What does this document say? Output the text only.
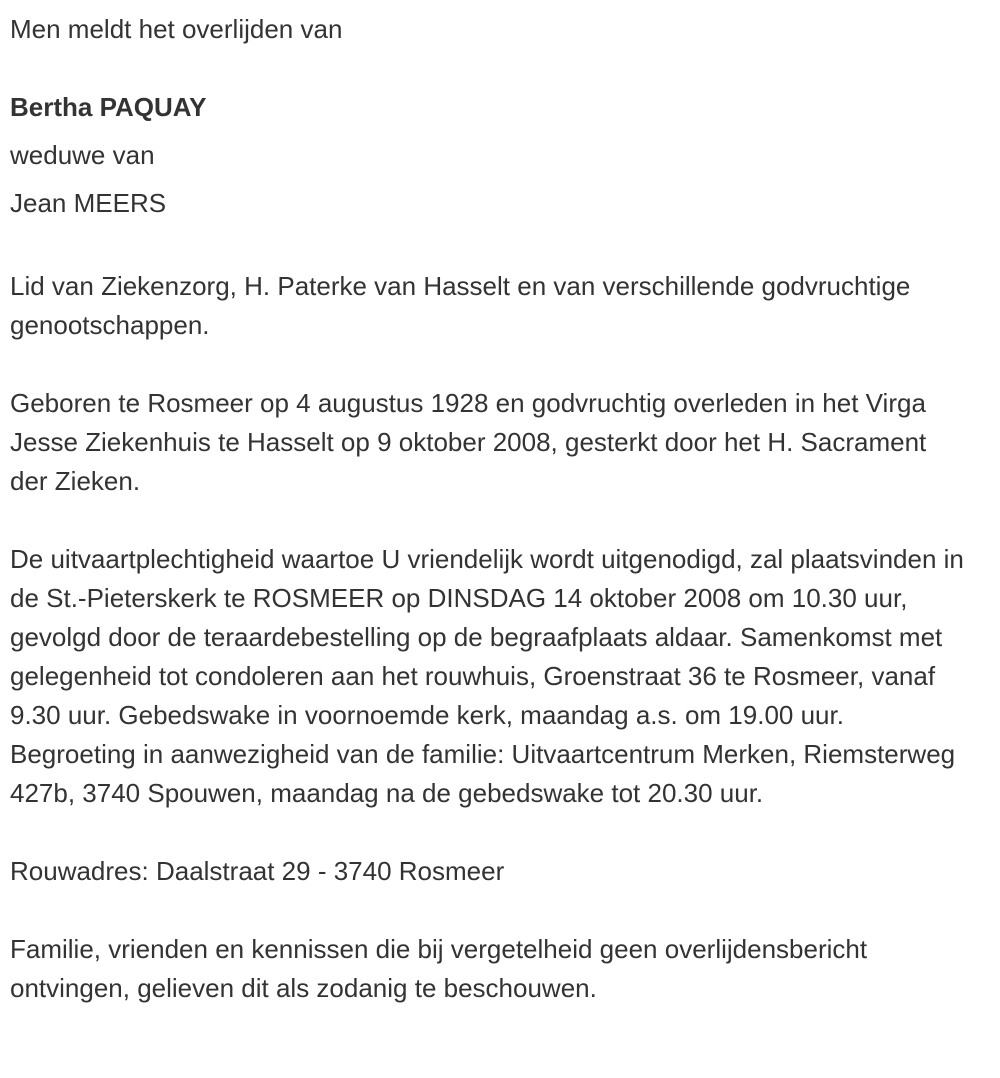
Men meldt het overlijden van

Bertha PAQUAY

weduwe van

Jean MEERS

Lid van Ziekenzorg, H. Paterke van Hasselt en van verschillende godvruchtige genootschappen.

Geboren te Rosmeer op 4 augustus 1928 en godvruchtig overleden in het Virga Jesse Ziekenhuis te Hasselt op 9 oktober 2008, gesterkt door het H. Sacrament der Zieken.

De uitvaartplechtigheid waartoe U vriendelijk wordt uitgenodigd, zal plaatsvinden in de St.-Pieterskerk te ROSMEER op DINSDAG 14 oktober 2008 om 10.30 uur, gevolgd door de teraardebestelling op de begraafplaats aldaar. Samenkomst met gelegenheid tot condoleren aan het rouwhuis, Groenstraat 36 te Rosmeer, vanaf 9.30 uur. Gebedswake in voornoemde kerk, maandag a.s. om 19.00 uur. Begroeting in aanwezigheid van de familie: Uitvaartcentrum Merken, Riemsterweg 427b, 3740 Spouwen, maandag na de gebedswake tot 20.30 uur.

Rouwadres: Daalstraat 29 - 3740 Rosmeer

Familie, vrienden en kennissen die bij vergetelheid geen overlijdensbericht ontvingen, gelieven dit als zodanig te beschouwen.
